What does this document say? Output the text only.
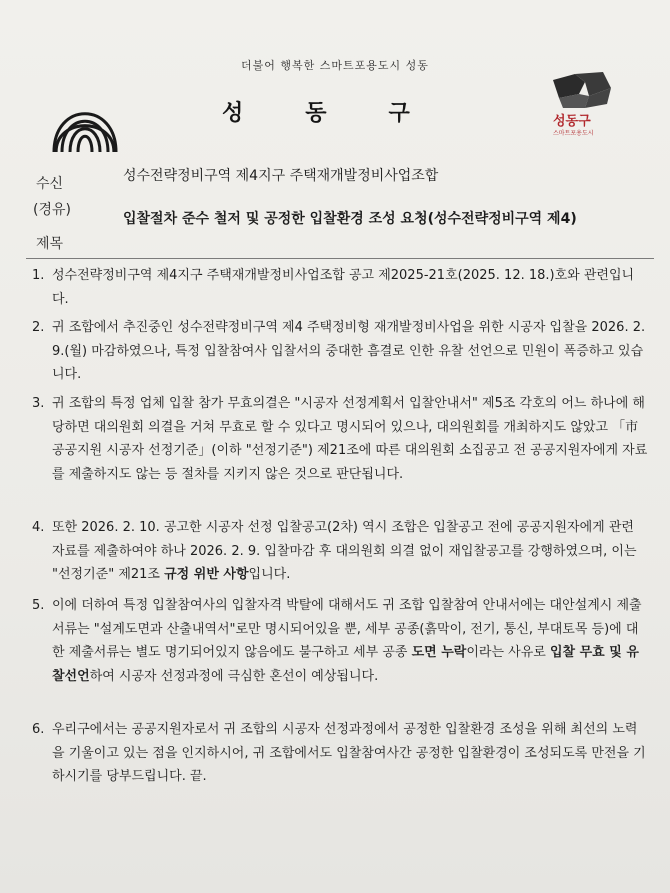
더불어 행복한 스마트포용도시 성동
성동구	성동구
스마트포용도시
수신	성수전략정비구역 제4지구 주택재개발정비사업조합
(경유)
제목
입찰절차 준수 철저 및 공정한 입찰환경 조성 요청(성수전략정비구역 제4)
1. 성수전략정비구역 제4지구 주택재개발정비사업조합 공고 제2025-21호(2025. 12. 18.)호와 관련입니다.
2. 귀 조합에서 추진중인 성수전략정비구역 제4 주택정비형 재개발정비사업을 위한 시공자 입찰을 2026. 2. 9.(월) 마감하였으나, 특정 입찰참여사 입찰서의 중대한 흠결로 인한 유찰 선언으로 민원이 폭증하고 있습니다.
3. 귀 조합의 특정 업체 입찰 참가 무효의결은 "시공자 선정계획서 입찰안내서" 제5조 각호의 어느 하나에 해당하면 대의원회 의결을 거쳐 무효로 할 수 있다고 명시되어 있으나, 대의원회를 개최하지도 않았고 「市 공공지원 시공자 선정기준」(이하 "선정기준") 제21조에 따른 대의원회 소집공고 전 공공지원자에게 자료를 제출하지도 않는 등 절차를 지키지 않은 것으로 판단됩니다.
4. 또한 2026. 2. 10. 공고한 시공자 선정 입찰공고(2차) 역시 조합은 입찰공고 전에 공공지원자에게 관련 자료를 제출하여야 하나 2026. 2. 9. 입찰마감 후 대의원회 의결 없이 재입찰공고를 강행하였으며, 이는 "선정기준" 제21조 규정 위반 사항입니다.
5. 이에 더하여 특정 입찰참여사의 입찰자격 박탈에 대해서도 귀 조합 입찰참여 안내서에는 대안설계시 제출서류는 "설계도면과 산출내역서"로만 명시되어있을 뿐, 세부 공종(흙막이, 전기, 통신, 부대토목 등)에 대한 제출서류는 별도 명기되어있지 않음에도 불구하고 세부 공종 도면 누락이라는 사유로 입찰 무효 및 유찰선언하여 시공자 선정과정에 극심한 혼선이 예상됩니다.
6. 우리구에서는 공공지원자로서 귀 조합의 시공자 선정과정에서 공정한 입찰환경 조성을 위해 최선의 노력을 기울이고 있는 점을 인지하시어, 귀 조합에서도 입찰참여사간 공정한 입찰환경이 조성되도록 만전을 기하시기를 당부드립니다. 끝.
